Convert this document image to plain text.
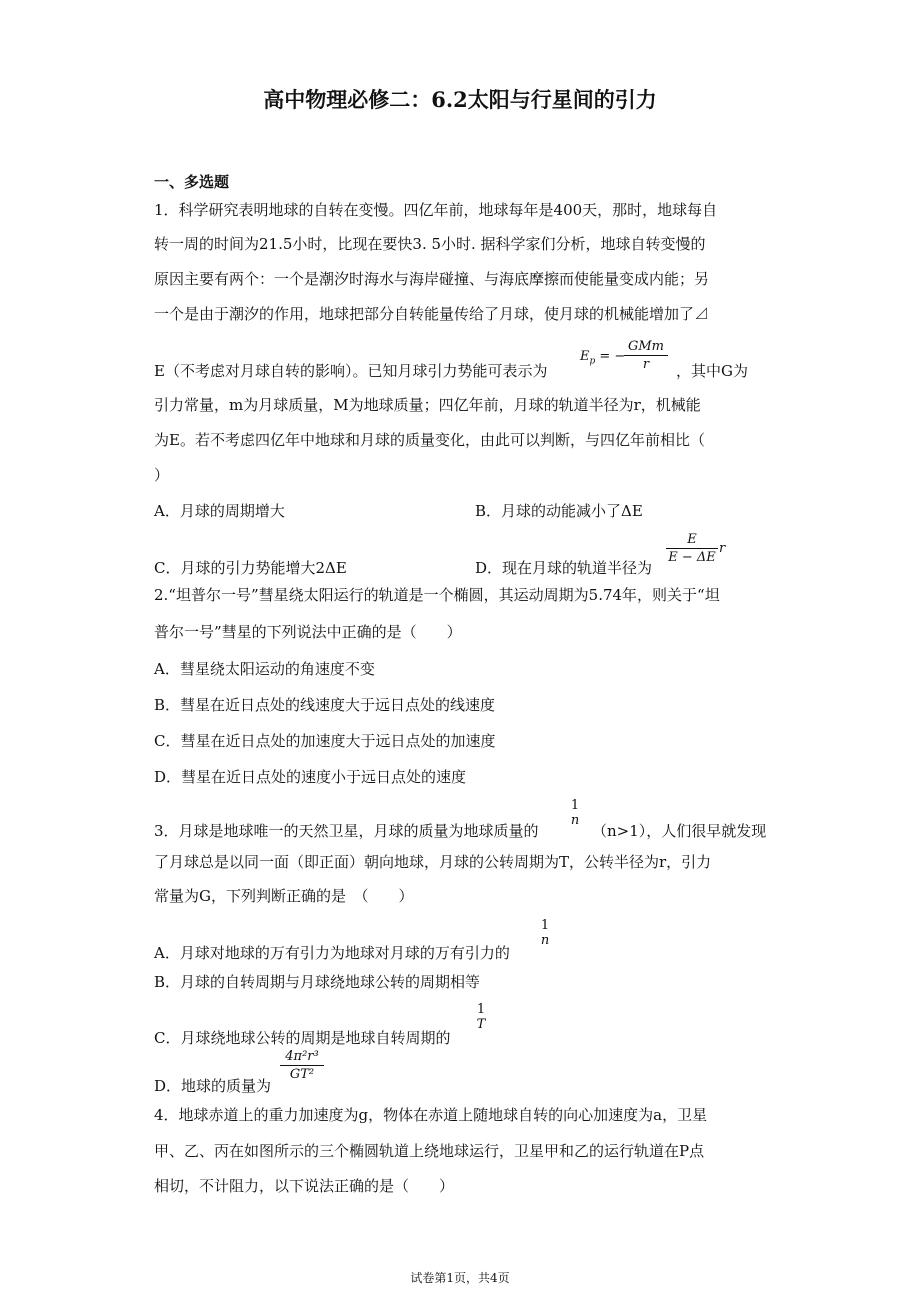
高中物理必修二：6.2太阳与行星间的引力
一、多选题
1．科学研究表明地球的自转在变慢。四亿年前，地球每年是400天，那时，地球每自
转一周的时间为21.5小时，比现在要快3. 5小时. 据科学家们分析，地球自转变慢的
原因主要有两个：一个是潮汐时海水与海岸碰撞、与海底摩擦而使能量变成内能；另
一个是由于潮汐的作用，地球把部分自转能量传给了月球，使月球的机械能增加了⊿
E（不考虑对月球自转的影响）。已知月球引力势能可表示为
$E_p$ = −
GMm
r	，其中G为
引力常量，m为月球质量，M为地球质量；四亿年前，月球的轨道半径为r，机械能
为E。若不考虑四亿年中地球和月球的质量变化，由此可以判断，与四亿年前相比（
）
A．月球的周期增大	B．月球的动能减小了ΔE
C．月球的引力势能增大2ΔE	D．现在月球的轨道半径为
E
E − ΔE
r
2.“坦普尔一号”彗星绕太阳运行的轨道是一个椭圆，其运动周期为5.74年，则关于“坦
普尔一号”彗星的下列说法中正确的是（　　）
A．彗星绕太阳运动的角速度不变
B．彗星在近日点处的线速度大于远日点处的线速度
C．彗星在近日点处的加速度大于远日点处的加速度
D．彗星在近日点处的速度小于远日点处的速度
3．月球是地球唯一的天然卫星，月球的质量为地球质量的
1
n
（n>1），人们很早就发现
了月球总是以同一面（即正面）朝向地球，月球的公转周期为T，公转半径为r，引力
常量为G，下列判断正确的是　（　　）
A．月球对地球的万有引力为地球对月球的万有引力的
1
n
B．月球的自转周期与月球绕地球公转的周期相等
C．月球绕地球公转的周期是地球自转周期的
1
T
D．地球的质量为
4π²r³
GT²
4．地球赤道上的重力加速度为g，物体在赤道上随地球自转的向心加速度为a，卫星
甲、乙、丙在如图所示的三个椭圆轨道上绕地球运行，卫星甲和乙的运行轨道在P点
相切，不计阻力，以下说法正确的是（　　）
试卷第1页，共4页
